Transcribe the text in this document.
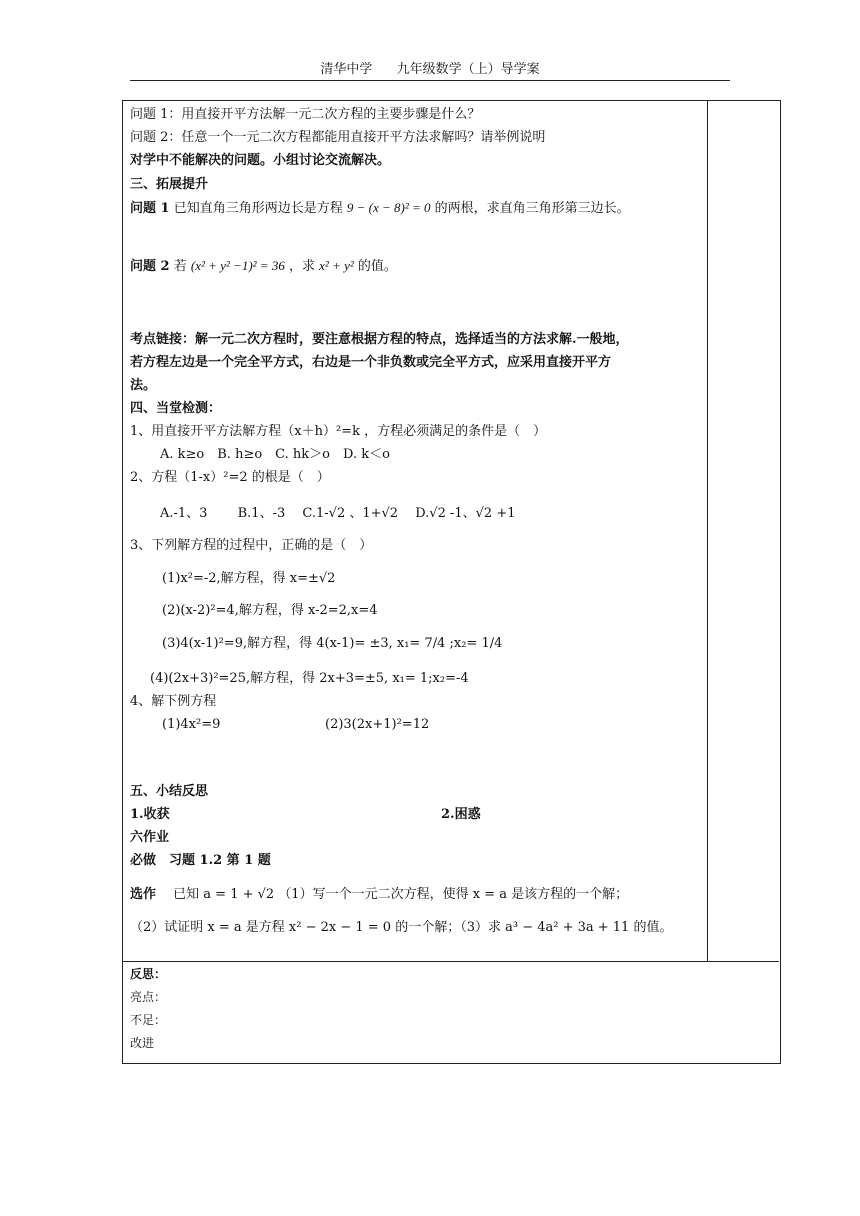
清华中学 九年级数学（上）导学案
问题 1：用直接开平方法解一元二次方程的主要步骤是什么？
问题 2：任意一个一元二次方程都能用直接开平方法求解吗？请举例说明
对学中不能解决的问题。小组讨论交流解决。
三、拓展提升
问题 1 已知直角三角形两边长是方程 9 − (x − 8)² = 0 的两根，求直角三角形第三边长。
问题 2 若 (x² + y² −1)² = 36 ，求 x² + y² 的值。
考点链接：解一元二次方程时，要注意根据方程的特点，选择适当的方法求解.一般地，
若方程左边是一个完全平方式，右边是一个非负数或完全平方式，应采用直接开平方
法。
四、当堂检测：
1、用直接开平方法解方程（x＋h）²=k ，方程必须满足的条件是（　）
A. k≥o　B. h≥o　C. hk＞o　D. k＜o
2、方程（1-x）²=2 的根是（　）
A.-1、3   B.1、-3  C.1-√2 、1+√2  D.√2 -1、√2 +1
3、下列解方程的过程中，正确的是（　）
(1)x²=-2,解方程，得 x=±√2
(2)(x-2)²=4,解方程，得 x-2=2,x=4
(3)4(x-1)²=9,解方程，得 4(x-1)= ±3, x₁= 7/4 ;x₂= 1/4
(4)(2x+3)²=25,解方程，得 2x+3=±5, x₁= 1;x₂=-4
4、解下例方程
(1)4x²=9	(2)3(2x+1)²=12
五、小结反思
1.收获	2.困惑
六作业
必做　习题 1.2 第 1 题
选作  已知 a = 1 + √2 （1）写一个一元二次方程，使得 x = a 是该方程的一个解；
（2）试证明 x = a 是方程 x² − 2x − 1 = 0 的一个解；（3）求 a³ − 4a² + 3a + 11 的值。
反思：
亮点：
不足：
改进
